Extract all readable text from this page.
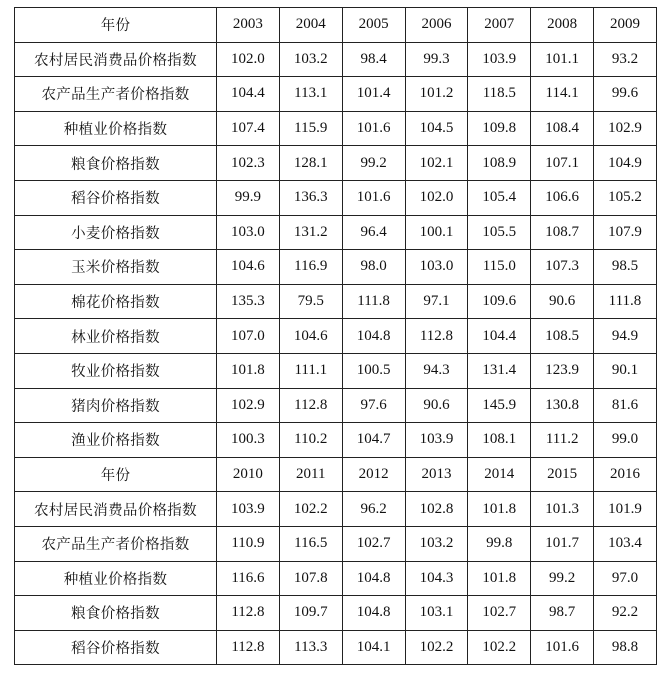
年份	2003	2004	2005	2006	2007	2008	2009
农村居民消费品价格指数	102.0	103.2	98.4	99.3	103.9	101.1	93.2
农产品生产者价格指数	104.4	113.1	101.4	101.2	118.5	114.1	99.6
种植业价格指数	107.4	115.9	101.6	104.5	109.8	108.4	102.9
粮食价格指数	102.3	128.1	99.2	102.1	108.9	107.1	104.9
稻谷价格指数	99.9	136.3	101.6	102.0	105.4	106.6	105.2
小麦价格指数	103.0	131.2	96.4	100.1	105.5	108.7	107.9
玉米价格指数	104.6	116.9	98.0	103.0	115.0	107.3	98.5
棉花价格指数	135.3	79.5	111.8	97.1	109.6	90.6	111.8
林业价格指数	107.0	104.6	104.8	112.8	104.4	108.5	94.9
牧业价格指数	101.8	111.1	100.5	94.3	131.4	123.9	90.1
猪肉价格指数	102.9	112.8	97.6	90.6	145.9	130.8	81.6
渔业价格指数	100.3	110.2	104.7	103.9	108.1	111.2	99.0
年份	2010	2011	2012	2013	2014	2015	2016
农村居民消费品价格指数	103.9	102.2	96.2	102.8	101.8	101.3	101.9
农产品生产者价格指数	110.9	116.5	102.7	103.2	99.8	101.7	103.4
种植业价格指数	116.6	107.8	104.8	104.3	101.8	99.2	97.0
粮食价格指数	112.8	109.7	104.8	103.1	102.7	98.7	92.2
稻谷价格指数	112.8	113.3	104.1	102.2	102.2	101.6	98.8
